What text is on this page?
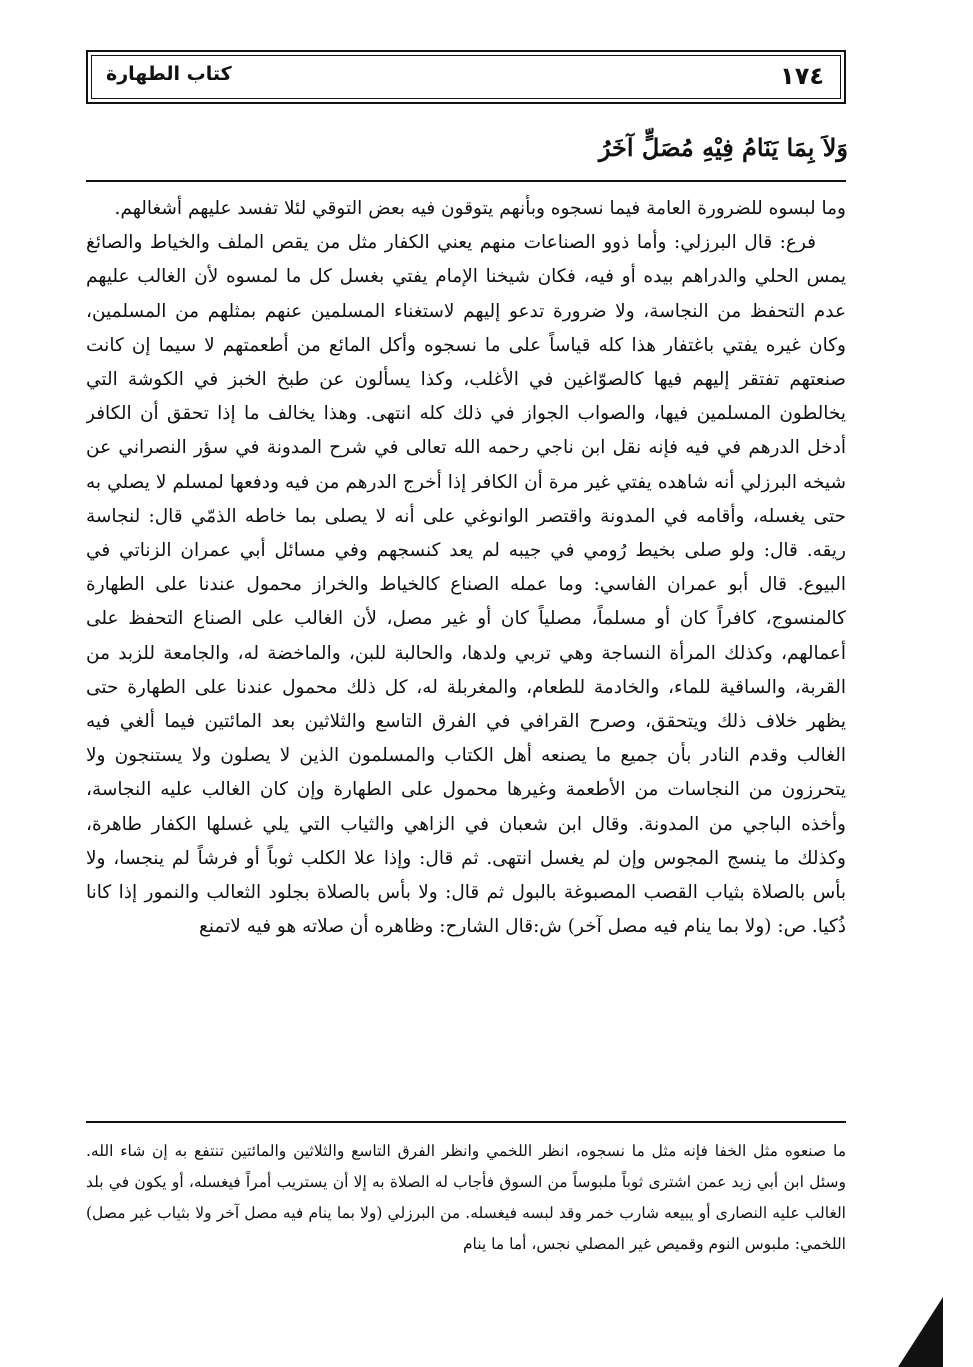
١٧٤
كتاب الطهارة
وَلاَ بِمَا يَنَامُ فِيْهِ مُصَلٍّ آخَرُ

وما لبسوه للضرورة العامة فيما نسجوه وبأنهم يتوقون فيه بعض التوقي لئلا تفسد عليهم أشغالهم.

فرع: قال البرزلي: وأما ذوو الصناعات منهم يعني الكفار مثل من يقص الملف والخياط والصائغ يمس الحلي والدراهم بيده أو فيه، فكان شيخنا الإمام يفتي بغسل كل ما لمسوه لأن الغالب عليهم عدم التحفظ من النجاسة، ولا ضرورة تدعو إليهم لاستغناء المسلمين عنهم بمثلهم من المسلمين، وكان غيره يفتي باغتفار هذا كله قياساً على ما نسجوه وأكل المائع من أطعمتهم لا سيما إن كانت صنعتهم تفتقر إليهم فيها كالصوّاغين في الأغلب، وكذا يسألون عن طبخ الخبز في الكوشة التي يخالطون المسلمين فيها، والصواب الجواز في ذلك كله انتهى. وهذا يخالف ما إذا تحقق أن الكافر أدخل الدرهم في فيه فإنه نقل ابن ناجي رحمه الله تعالى في شرح المدونة في سؤر النصراني عن شيخه البرزلي أنه شاهده يفتي غير مرة أن الكافر إذا أخرج الدرهم من فيه ودفعها لمسلم لا يصلي به حتى يغسله، وأقامه في المدونة واقتصر الوانوغي على أنه لا يصلى بما خاطه الذمّي قال: لنجاسة ريقه. قال: ولو صلى بخيط رُومي في جيبه لم يعد كنسجهم وفي مسائل أبي عمران الزناتي في البيوع. قال أبو عمران الفاسي: وما عمله الصناع كالخياط والخراز محمول عندنا على الطهارة كالمنسوج، كافراً كان أو مسلماً، مصلياً كان أو غير مصل، لأن الغالب على الصناع التحفظ على أعمالهم، وكذلك المرأة النساجة وهي تربي ولدها، والحالبة للبن، والماخضة له، والجامعة للزبد من القربة، والساقية للماء، والخادمة للطعام، والمغربلة له، كل ذلك محمول عندنا على الطهارة حتى يظهر خلاف ذلك ويتحقق، وصرح القرافي في الفرق التاسع والثلاثين بعد المائتين فيما ألغي فيه الغالب وقدم النادر بأن جميع ما يصنعه أهل الكتاب والمسلمون الذين لا يصلون ولا يستنجون ولا يتحرزون من النجاسات من الأطعمة وغيرها محمول على الطهارة وإن كان الغالب عليه النجاسة، وأخذه الباجي من المدونة. وقال ابن شعبان في الزاهي والثياب التي يلي غسلها الكفار طاهرة، وكذلك ما ينسج المجوس وإن لم يغسل انتهى. ثم قال: وإذا علا الكلب ثوباً أو فرشاً لم ينجسا، ولا بأس بالصلاة بثياب القصب المصبوغة بالبول ثم قال: ولا بأس بالصلاة بجلود الثعالب والنمور إذا كانا ذُكيا. ص: (ولا بما ينام فيه مصل آخر) ش:قال الشارح: وظاهره أن صلاته هو فيه لاتمنع

ما صنعوه مثل الخفا فإنه مثل ما نسجوه، انظر اللخمي وانظر الفرق التاسع والثلاثين والمائتين تنتفع به إن شاء الله. وسئل ابن أبي زيد عمن اشترى ثوباً ملبوساً من السوق فأجاب له الصلاة به إلا أن يستريب أمراً فيغسله، أو يكون في بلد الغالب عليه النصارى أو يبيعه شارب خمر وقد لبسه فيغسله. من البرزلي (ولا بما ينام فيه مصل آخر ولا بثياب غير مصل) اللخمي: ملبوس النوم وقميص غير المصلي نجس، أما ما ينام
